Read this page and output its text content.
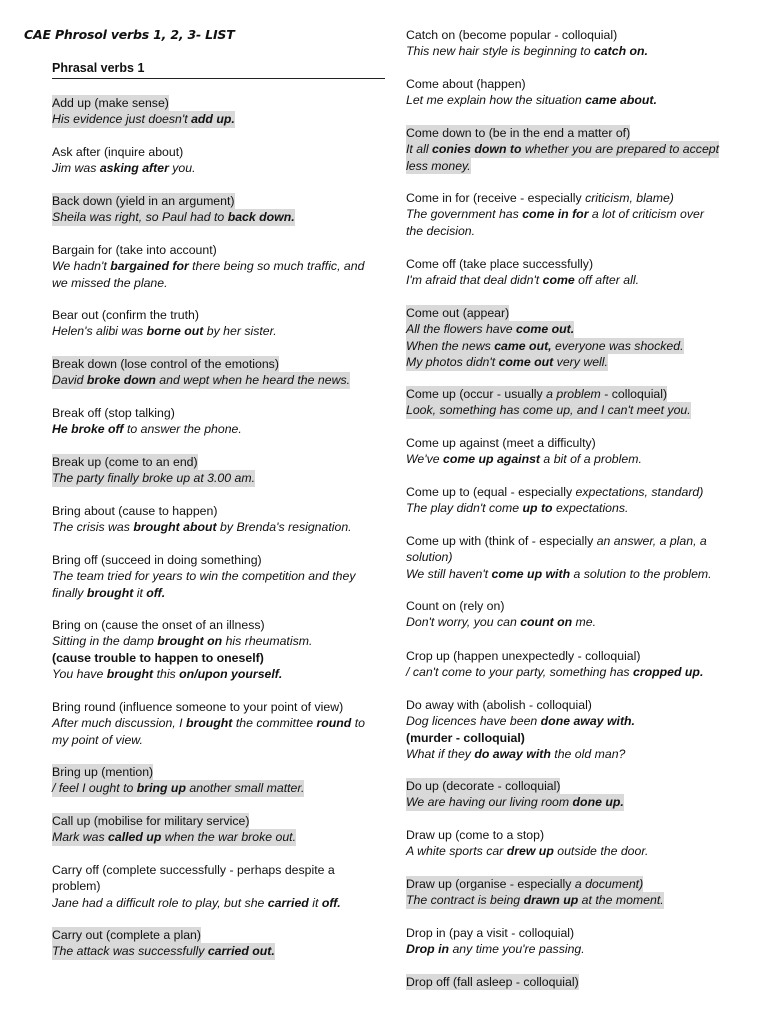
CAE Phrosol verbs 1, 2, 3- LIST
Phrasal verbs 1
Add up (make sense)
His evidence just doesn't add up.
Ask after (inquire about)
Jim was asking after you.
Back down (yield in an argument)
Sheila was right, so Paul had to back down.
Bargain for (take into account)
We hadn't bargained for there being so much traffic, and
we missed the plane.
Bear out (confirm the truth)
Helen's alibi was borne out by her sister.
Break down (lose control of the emotions)
David broke down and wept when he heard the news.
Break off (stop talking)
He broke off to answer the phone.
Break up (come to an end)
The party finally broke up at 3.00 am.
Bring about (cause to happen)
The crisis was brought about by Brenda's resignation.
Bring off (succeed in doing something)
The team tried for years to win the competition and they
finally brought it off.
Bring on (cause the onset of an illness)
Sitting in the damp brought on his rheumatism.
(cause trouble to happen to oneself)
You have brought this on/upon yourself.
Bring round (influence someone to your point of view)
After much discussion, I brought the committee round to
my point of view.
Bring up (mention)
/ feel I ought to bring up another small matter.
Call up (mobilise for military service)
Mark was called up when the war broke out.
Carry off (complete successfully - perhaps despite a
problem)
Jane had a difficult role to play, but she carried it off.
Carry out (complete a plan)
The attack was successfully carried out.
Catch on (become popular - colloquial)
This new hair style is beginning to catch on.
Come about (happen)
Let me explain how the situation came about.
Come down to (be in the end a matter of)
It all conies down to whether you are prepared to accept
less money.
Come in for (receive - especially criticism, blame)
The government has come in for a lot of criticism over
the decision.
Come off (take place successfully)
I'm afraid that deal didn't come off after all.
Come out (appear)
All the flowers have come out.
When the news came out, everyone was shocked.
My photos didn't come out very well.
Come up (occur - usually a problem - colloquial)
Look, something has come up, and I can't meet you.
Come up against (meet a difficulty)
We've come up against a bit of a problem.
Come up to (equal - especially expectations, standard)
The play didn't come up to expectations.
Come up with (think of - especially an answer, a plan, a
solution)
We still haven't come up with a solution to the problem.
Count on (rely on)
Don't worry, you can count on me.
Crop up (happen unexpectedly - colloquial)
/ can't come to your party, something has cropped up.
Do away with (abolish - colloquial)
Dog licences have been done away with.
(murder - colloquial)
What if they do away with the old man?
Do up (decorate - colloquial)
We are having our living room done up.
Draw up (come to a stop)
A white sports car drew up outside the door.
Draw up (organise - especially a document)
The contract is being drawn up at the moment.
Drop in (pay a visit - colloquial)
Drop in any time you're passing.
Drop off (fall asleep - colloquial)
